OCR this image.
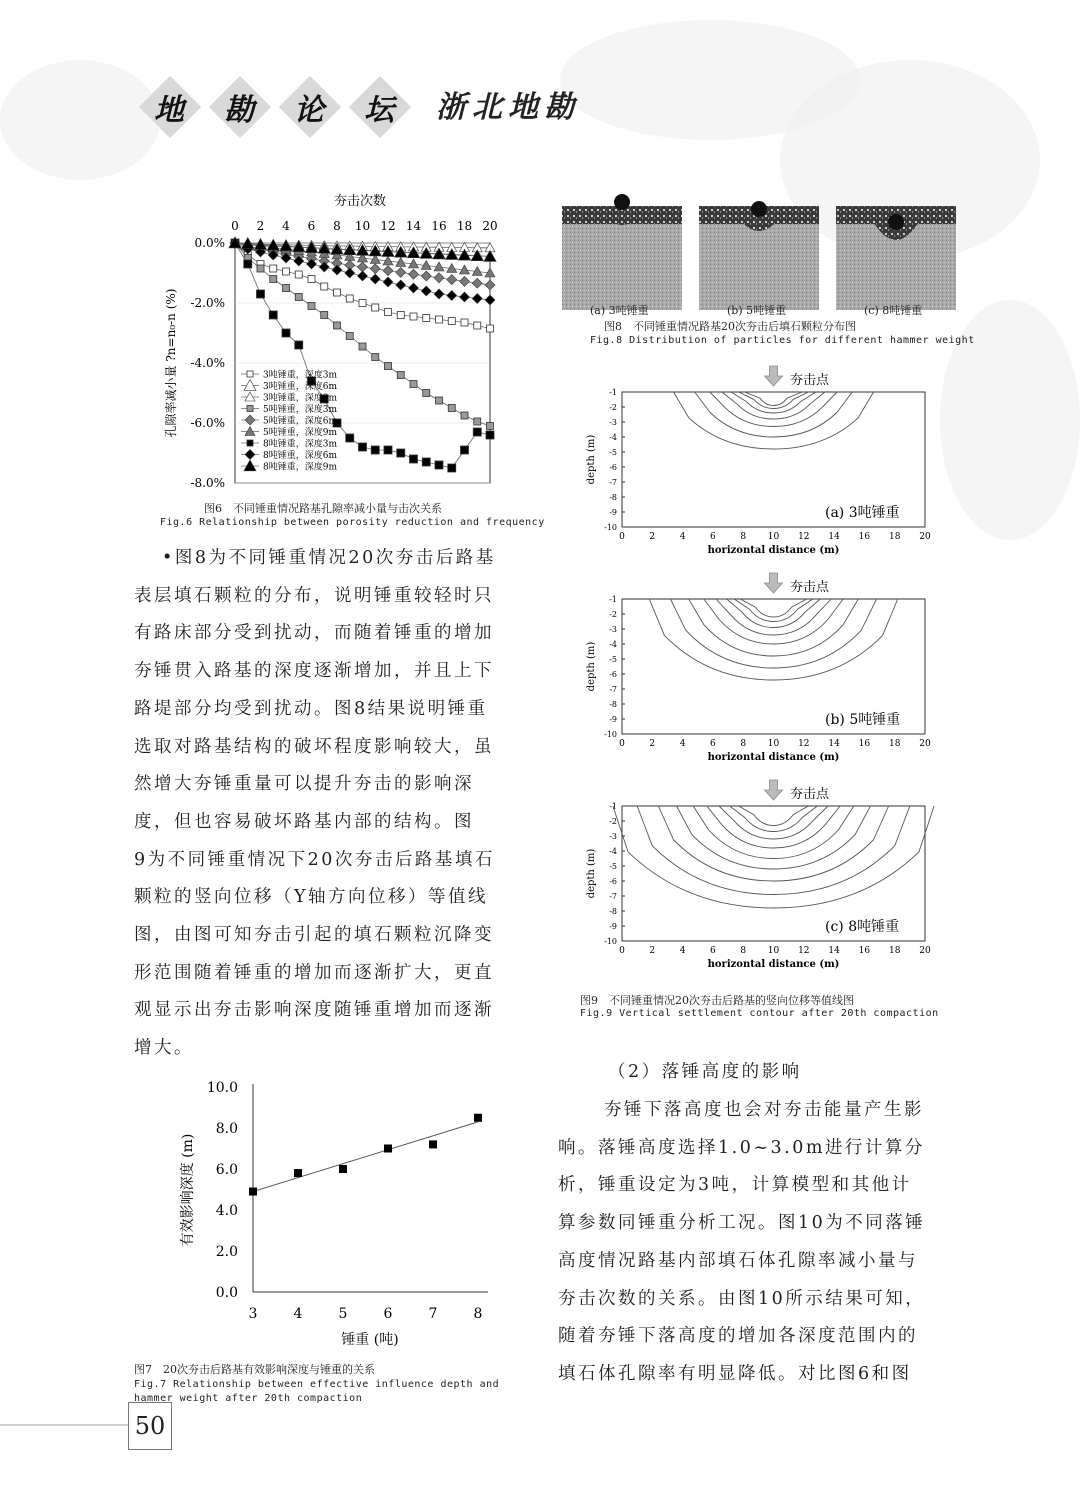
地	勘	论	坛	浙北地勘
夯击次数
0 2 4 6 8 10 12 14 16 18 20
0.0%
-2.0%
-4.0%
-6.0%
-8.0%
孔隙率减小量 ?n=n₀-n (%)	3吨锤重，深度3m
3吨锤重，深度6m
3吨锤重，深度9m
5吨锤重，深度3m
5吨锤重，深度6m
5吨锤重，深度9m
8吨锤重，深度3m
8吨锤重，深度6m
8吨锤重，深度9m
图6　不同锤重情况路基孔隙率减小量与击次关系
Fig.6 Relationship between porosity reduction and frequency
•图8为不同锤重情况20次夯击后路基
表层填石颗粒的分布，说明锤重较轻时只
有路床部分受到扰动，而随着锤重的增加
夯锤贯入路基的深度逐渐增加，并且上下
路堤部分均受到扰动。图8结果说明锤重
选取对路基结构的破坏程度影响较大，虽
然增大夯锤重量可以提升夯击的影响深
度，但也容易破坏路基内部的结构。图
9为不同锤重情况下20次夯击后路基填石
颗粒的竖向位移（Y轴方向位移）等值线
图，由图可知夯击引起的填石颗粒沉降变
形范围随着锤重的增加而逐渐扩大，更直
观显示出夯击影响深度随锤重增加而逐渐
增大。
0.0
2.0
4.0
6.0
8.0
10.0
3	4	5	6	7	8
有效影响深度 (m)
锤重 (吨)
图7　20次夯击后路基有效影响深度与锤重的关系
Fig.7 Relationship between effective influence depth and
hammer weight after 20th compaction
(a) 3吨锤重	(b) 5吨锤重	(c) 8吨锤重
图8　不同锤重情况路基20次夯击后填石颗粒分布图
Fig.8 Distribution of particles for different hammer weight
夯击点
-1
-2
-3
-4
-5
-6
-7
-8
-9
-10
0	2	4	6	8 10 12 14 16 18 20
horizontal distance (m)
depth (m)
(a) 3吨锤重
夯击点
-1
-2
-3
-4
-5
-6
-7
-8
-9
-10
0	2	4	6	8 10 12 14 16 18 20
horizontal distance (m)
depth (m)
(b) 5吨锤重
夯击点
-1
-2
-3
-4
-5
-6
-7
-8
-9
-10
0	2	4	6	8 10 12 14 16 18 20
horizontal distance (m)
depth (m)
(c) 8吨锤重
图9　不同锤重情况20次夯击后路基的竖向位移等值线图
Fig.9 Vertical settlement contour after 20th compaction
（2）落锤高度的影响
夯锤下落高度也会对夯击能量产生影
响。落锤高度选择1.0~3.0m进行计算分
析，锤重设定为3吨，计算模型和其他计
算参数同锤重分析工况。图10为不同落锤
高度情况路基内部填石体孔隙率减小量与
夯击次数的关系。由图10所示结果可知，
随着夯锤下落高度的增加各深度范围内的
填石体孔隙率有明显降低。对比图6和图
50
